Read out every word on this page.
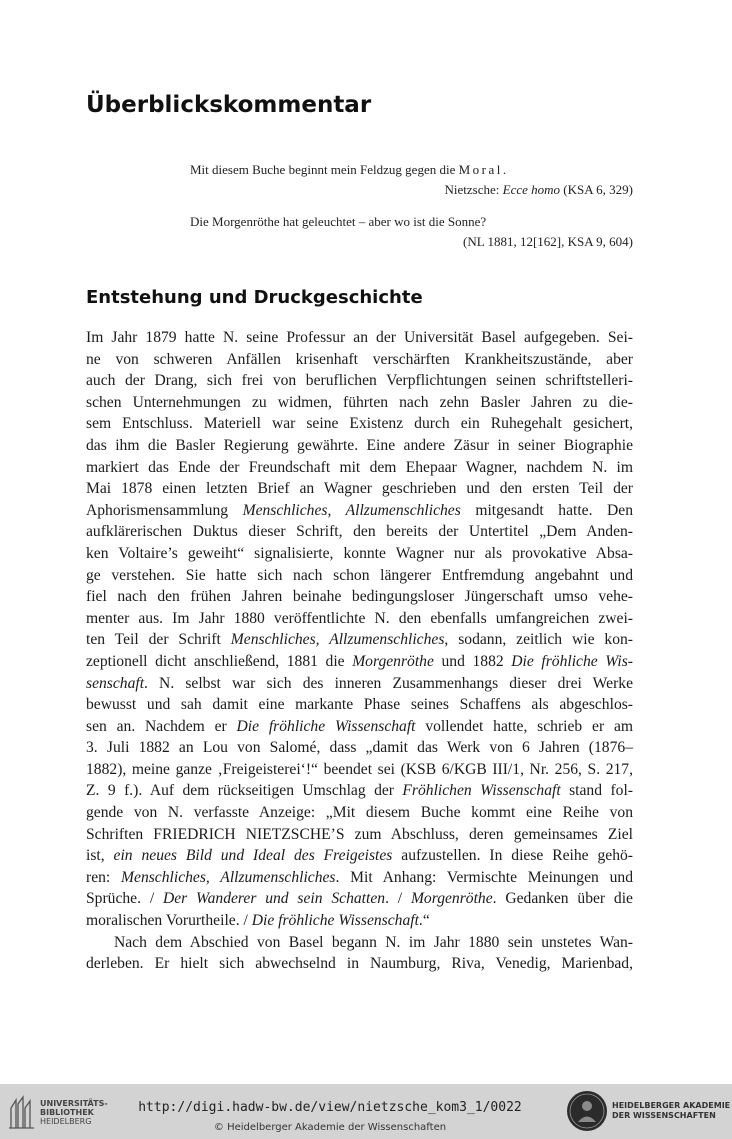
Überblickskommentar
Mit diesem Buche beginnt mein Feldzug gegen die Moral.
Nietzsche: Ecce homo (KSA 6, 329)
Die Morgenröthe hat geleuchtet – aber wo ist die Sonne?
(NL 1881, 12[162], KSA 9, 604)
Entstehung und Druckgeschichte
Im Jahr 1879 hatte N. seine Professur an der Universität Basel aufgegeben. Sei-
ne von schweren Anfällen krisenhaft verschärften Krankheitszustände, aber
auch der Drang, sich frei von beruflichen Verpflichtungen seinen schriftstelleri-
schen Unternehmungen zu widmen, führten nach zehn Basler Jahren zu die-
sem Entschluss. Materiell war seine Existenz durch ein Ruhegehalt gesichert,
das ihm die Basler Regierung gewährte. Eine andere Zäsur in seiner Biographie
markiert das Ende der Freundschaft mit dem Ehepaar Wagner, nachdem N. im
Mai 1878 einen letzten Brief an Wagner geschrieben und den ersten Teil der
Aphorismensammlung Menschliches, Allzumenschliches mitgesandt hatte. Den
aufklärerischen Duktus dieser Schrift, den bereits der Untertitel „Dem Anden-
ken Voltaire’s geweiht“ signalisierte, konnte Wagner nur als provokative Absa-
ge verstehen. Sie hatte sich nach schon längerer Entfremdung angebahnt und
fiel nach den frühen Jahren beinahe bedingungsloser Jüngerschaft umso vehe-
menter aus. Im Jahr 1880 veröffentlichte N. den ebenfalls umfangreichen zwei-
ten Teil der Schrift Menschliches, Allzumenschliches, sodann, zeitlich wie kon-
zeptionell dicht anschließend, 1881 die Morgenröthe und 1882 Die fröhliche Wis-
senschaft. N. selbst war sich des inneren Zusammenhangs dieser drei Werke
bewusst und sah damit eine markante Phase seines Schaffens als abgeschlos-
sen an. Nachdem er Die fröhliche Wissenschaft vollendet hatte, schrieb er am
3. Juli 1882 an Lou von Salomé, dass „damit das Werk von 6 Jahren (1876–
1882), meine ganze ‚Freigeisterei‘!“ beendet sei (KSB 6/KGB III/1, Nr. 256, S. 217,
Z. 9 f.). Auf dem rückseitigen Umschlag der Fröhlichen Wissenschaft stand fol-
gende von N. verfasste Anzeige: „Mit diesem Buche kommt eine Reihe von
Schriften FRIEDRICH NIETZSCHE’S zum Abschluss, deren gemeinsames Ziel
ist, ein neues Bild und Ideal des Freigeistes aufzustellen. In diese Reihe gehö-
ren: Menschliches, Allzumenschliches. Mit Anhang: Vermischte Meinungen und
Sprüche. / Der Wanderer und sein Schatten. / Morgenröthe. Gedanken über die
moralischen Vorurtheile. / Die fröhliche Wissenschaft.“
Nach dem Abschied von Basel begann N. im Jahr 1880 sein unstetes Wan-
derleben. Er hielt sich abwechselnd in Naumburg, Riva, Venedig, Marienbad,
UNIVERSITÄTS-
BIBLIOTHEK
HEIDELBERG
http://digi.hadw-bw.de/view/nietzsche_kom3_1/0022
© Heidelberger Akademie der Wissenschaften
HEIDELBERGER AKADEMIE
DER WISSENSCHAFTEN
